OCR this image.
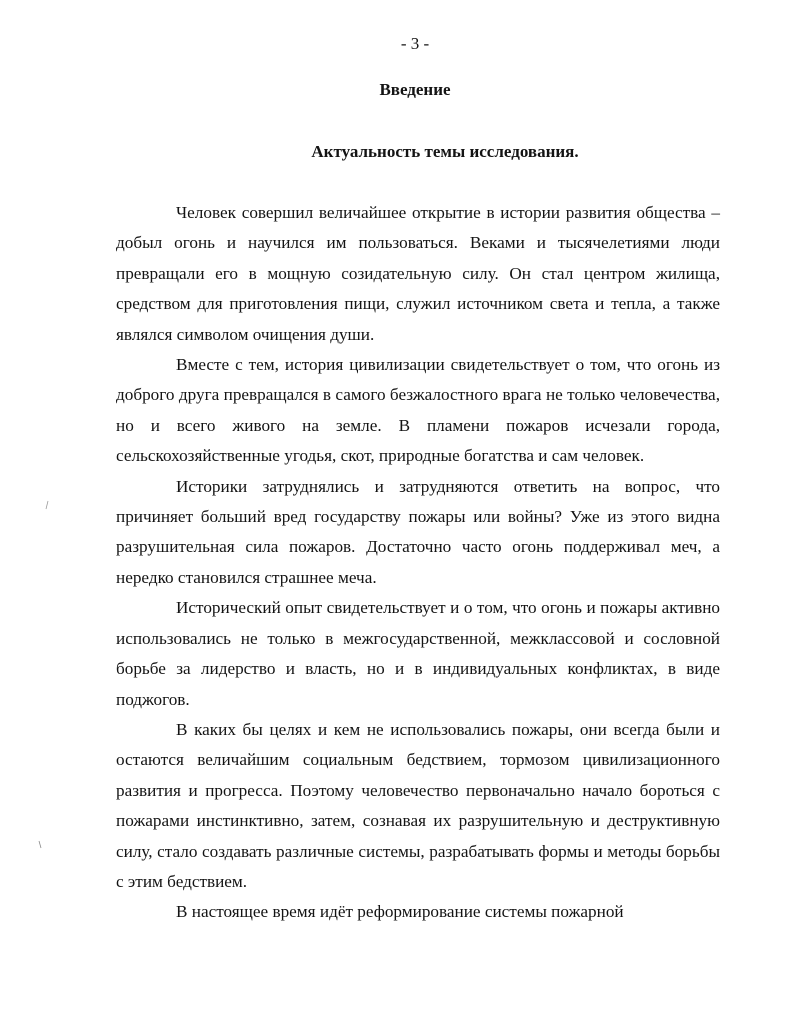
- 3 -
Введение
Актуальность темы исследования.

Человек совершил величайшее открытие в истории развития общества – добыл огонь и научился им пользоваться. Веками и тысячелетиями люди превращали его в мощную созидательную силу. Он стал центром жилища, средством для приготовления пищи, служил источником света и тепла, а также являлся символом очищения души.

Вместе с тем, история цивилизации свидетельствует о том, что огонь из доброго друга превращался в самого безжалостного врага не только человечества, но и всего живого на земле. В пламени пожаров исчезали города, сельскохозяйственные угодья, скот, природные богатства и сам человек.

Историки затруднялись и затрудняются ответить на вопрос, что причиняет больший вред государству пожары или войны? Уже из этого видна разрушительная сила пожаров. Достаточно часто огонь поддерживал меч, а нередко становился страшнее меча.

Исторический опыт свидетельствует и о том, что огонь и пожары активно использовались не только в межгосударственной, межклассовой и сословной борьбе за лидерство и власть, но и в индивидуальных конфликтах, в виде поджогов.

В каких бы целях и кем не использовались пожары, они всегда были и остаются величайшим социальным бедствием, тормозом цивилизационного развития и прогресса. Поэтому человечество первоначально начало бороться с пожарами инстинктивно, затем, сознавая их разрушительную и деструктивную силу, стало создавать различные системы, разрабатывать формы и методы борьбы с этим бедствием.

В настоящее время идёт реформирование системы пожарной
